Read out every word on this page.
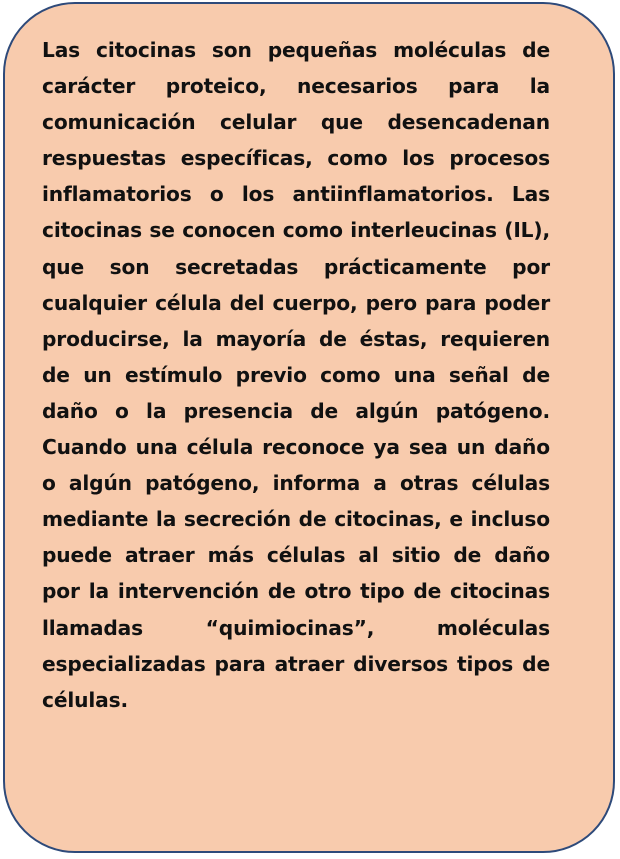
Las citocinas son pequeñas moléculas de carácter proteico, necesarios para la comunicación celular que desencadenan respuestas específicas, como los procesos inflamatorios o los antiinflamatorios. Las citocinas se conocen como interleucinas (IL), que son secretadas prácticamente por cualquier célula del cuerpo, pero para poder producirse, la mayoría de éstas, requieren de un estímulo previo como una señal de daño o la presencia de algún patógeno. Cuando una célula reconoce ya sea un daño o algún patógeno, informa a otras células mediante la secreción de citocinas, e incluso puede atraer más células al sitio de daño por la intervención de otro tipo de citocinas llamadas “quimiocinas”, moléculas especializadas para atraer diversos tipos de células.
